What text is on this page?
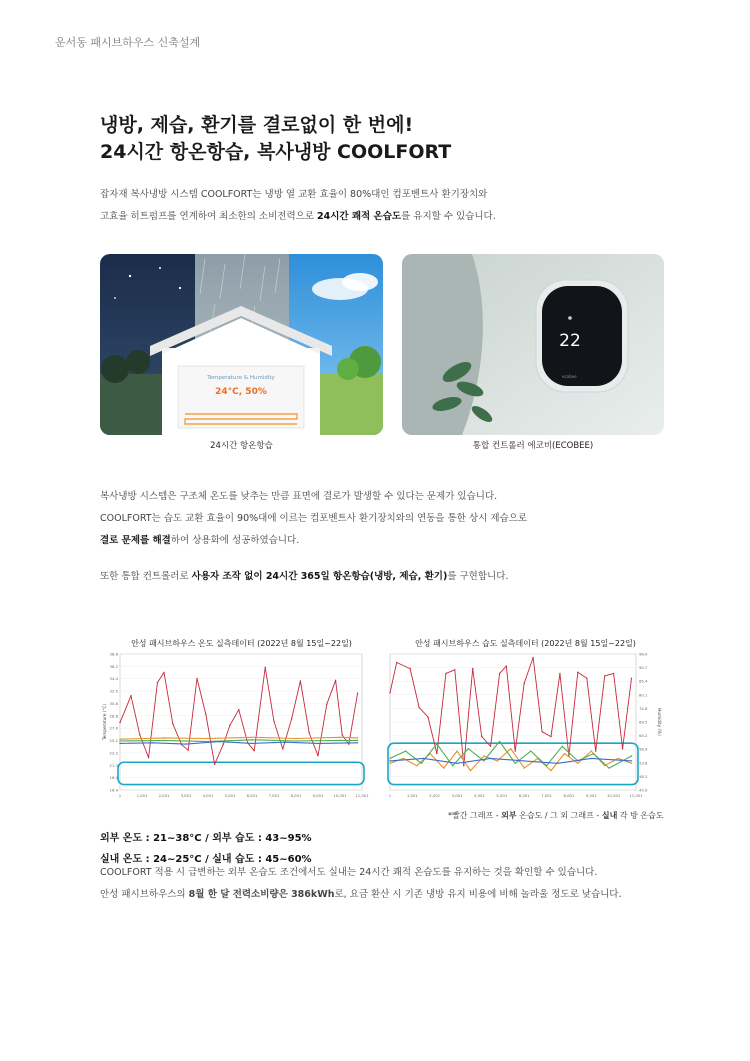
운서동 패시브하우스 신축설계
냉방, 제습, 환기를 결로없이 한 번에!
24시간 항온항습, 복사냉방 COOLFORT
잡자재 복사냉방 시스템 COOLFORT는 냉방 열 교환 효율이 80%대인 컴포벤트사 환기장치와
고효율 히트펌프를 연계하여 최소한의 소비전력으로 24시간 쾌적 온습도를 유지할 수 있습니다.
Temperature & Humidity
24°C, 50%
24시간 항온항습
22
ecobee
통합 컨트롤러 에코비(ECOBEE)
복사냉방 시스템은 구조체 온도를 낮추는 만큼 표면에 결로가 발생할 수 있다는 문제가 있습니다.
COOLFORT는 습도 교환 효율이 90%대에 이르는 컴포벤트사 환기장치와의 연동을 통한 상시 제습으로
결로 문제를 해결하여 상용화에 성공하였습니다.
또한 통합 컨트롤러로 사용자 조작 없이 24시간 365일 항온항습(냉방, 제습, 환기)를 구현합니다.
안성 패시브하우스 온도 실측데이터 (2022년 8월 15일~22일)	안성 패시브하우스 습도 실측데이터 (2022년 8월 15일~22일)
38.6
36.2
34.4
32.5
30.6
28.8
27.0
25.1
23.2
21.3
18.4
16.4
1	1,001	2,001	3,001	4,001	5,001	6,001	7,001	8,001	9,001	10,001 11,001
Temperature (°C)
96.0
90.7
85.4
80.1
74.8
69.5
64.2
58.9
53.6
48.3
43.0
1	1,001	2,001	3,001	4,001	5,001	6,001	7,001	8,001	9,001	10,001 11,001
Humidity (%)
*빨간 그래프 - 외부 온습도 / 그 외 그래프 - 실내 각 방 온습도
외부 온도 : 21~38°C / 외부 습도 : 43~95%
실내 온도 : 24~25°C / 실내 습도 : 45~60%
COOLFORT 적용 시 급변하는 외부 온습도 조건에서도 실내는 24시간 쾌적 온습도를 유지하는 것을 확인할 수 있습니다.
안성 패시브하우스의 8월 한 달 전력소비량은 386kWh로, 요금 환산 시 기존 냉방 유지 비용에 비해 놀라울 정도로 낮습니다.
